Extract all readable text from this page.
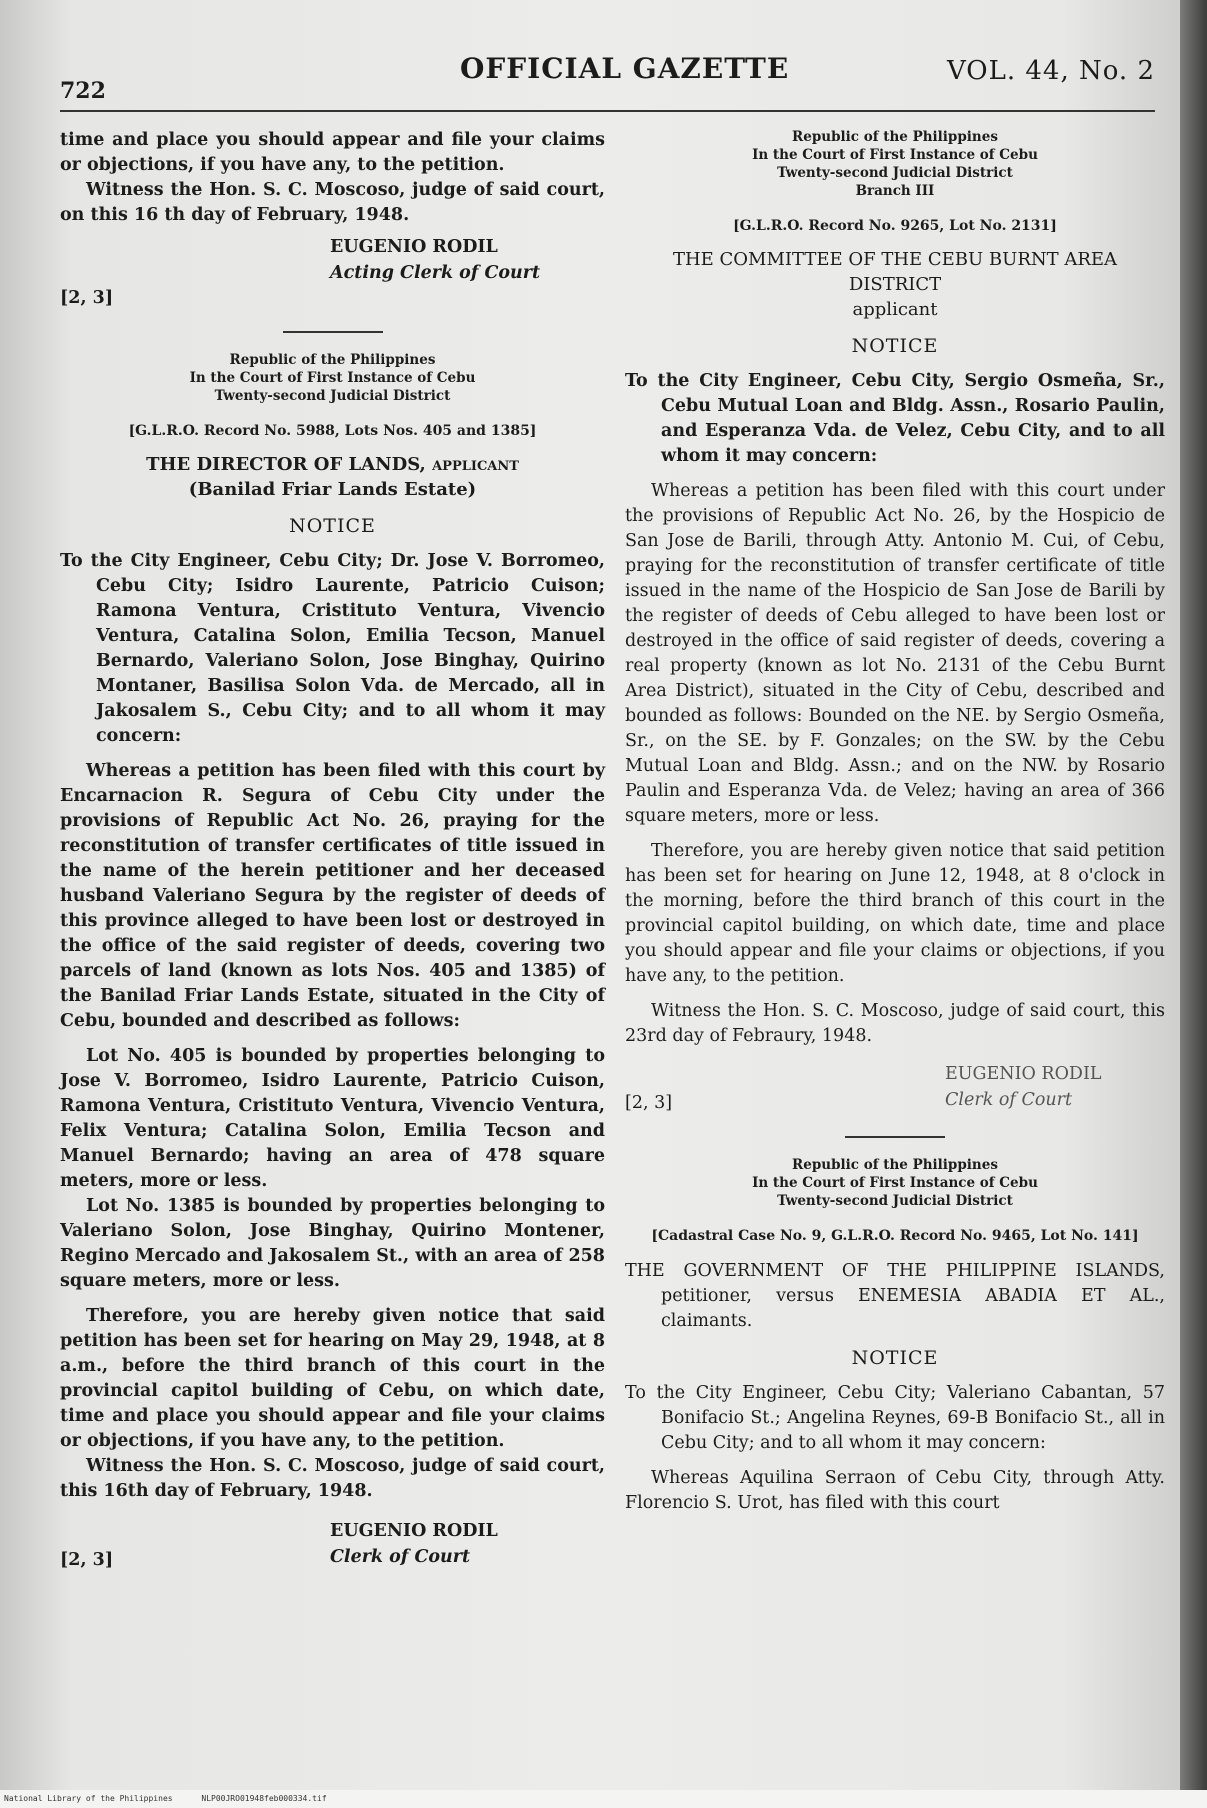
722
OFFICIAL GAZETTE	VOL. 44, No. 2

time and place you should appear and file your claims or objections, if you have any, to the petition.

Witness the Hon. S. C. Moscoso, judge of said court, on this 16 th day of February, 1948.

EUGENIO RODIL
Acting Clerk of Court
[2, 3]
Republic of the Philippines
In the Court of First Instance of Cebu
Twenty-second Judicial District
[G.L.R.O. Record No. 5988, Lots Nos. 405 and 1385]
THE DIRECTOR OF LANDS, applicant
(Banilad Friar Lands Estate)
NOTICE

To the City Engineer, Cebu City; Dr. Jose V. Borromeo, Cebu City; Isidro Laurente, Patricio Cuison; Ramona Ventura, Cristituto Ventura, Vivencio Ventura, Catalina Solon, Emilia Tecson, Manuel Bernardo, Valeriano Solon, Jose Binghay, Quirino Montaner, Basilisa Solon Vda. de Mercado, all in Jakosalem S., Cebu City; and to all whom it may concern:

Whereas a petition has been filed with this court by Encarnacion R. Segura of Cebu City under the provisions of Republic Act No. 26, praying for the reconstitution of transfer certificates of title issued in the name of the herein petitioner and her deceased husband Valeriano Segura by the register of deeds of this province alleged to have been lost or destroyed in the office of the said register of deeds, covering two parcels of land (known as lots Nos. 405 and 1385) of the Banilad Friar Lands Estate, situated in the City of Cebu, bounded and described as follows:

Lot No. 405 is bounded by properties belonging to Jose V. Borromeo, Isidro Laurente, Patricio Cuison, Ramona Ventura, Cristituto Ventura, Vivencio Ventura, Felix Ventura; Catalina Solon, Emilia Tecson and Manuel Bernardo; having an area of 478 square meters, more or less.

Lot No. 1385 is bounded by properties belonging to Valeriano Solon, Jose Binghay, Quirino Montener, Regino Mercado and Jakosalem St., with an area of 258 square meters, more or less.

Therefore, you are hereby given notice that said petition has been set for hearing on May 29, 1948, at 8 a.m., before the third branch of this court in the provincial capitol building of Cebu, on which date, time and place you should appear and file your claims or objections, if you have any, to the petition.

Witness the Hon. S. C. Moscoso, judge of said court, this 16th day of February, 1948.

EUGENIO RODIL
Clerk of Court
[2, 3]
Republic of the Philippines
In the Court of First Instance of Cebu
Twenty-second Judicial District
Branch III
[G.L.R.O. Record No. 9265, Lot No. 2131]
THE COMMITTEE OF THE CEBU BURNT AREA DISTRICT
applicant
NOTICE

To the City Engineer, Cebu City, Sergio Osmeña, Sr., Cebu Mutual Loan and Bldg. Assn., Rosario Paulin, and Esperanza Vda. de Velez, Cebu City, and to all whom it may concern:

Whereas a petition has been filed with this court under the provisions of Republic Act No. 26, by the Hospicio de San Jose de Barili, through Atty. Antonio M. Cui, of Cebu, praying for the reconstitution of transfer certificate of title issued in the name of the Hospicio de San Jose de Barili by the register of deeds of Cebu alleged to have been lost or destroyed in the office of said register of deeds, covering a real property (known as lot No. 2131 of the Cebu Burnt Area District), situated in the City of Cebu, described and bounded as follows: Bounded on the NE. by Sergio Osmeña, Sr., on the SE. by F. Gonzales; on the SW. by the Cebu Mutual Loan and Bldg. Assn.; and on the NW. by Rosario Paulin and Esperanza Vda. de Velez; having an area of 366 square meters, more or less.

Therefore, you are hereby given notice that said petition has been set for hearing on June 12, 1948, at 8 o'clock in the morning, before the third branch of this court in the provincial capitol building, on which date, time and place you should appear and file your claims or objections, if you have any, to the petition.

Witness the Hon. S. C. Moscoso, judge of said court, this 23rd day of Febraury, 1948.

EUGENIO RODIL
Clerk of Court
[2, 3]
Republic of the Philippines
In the Court of First Instance of Cebu
Twenty-second Judicial District
[Cadastral Case No. 9, G.L.R.O. Record No. 9465, Lot No. 141]

THE GOVERNMENT OF THE PHILIPPINE ISLANDS, petitioner, versus ENEMESIA ABADIA ET AL., claimants.

NOTICE

To the City Engineer, Cebu City; Valeriano Cabantan, 57 Bonifacio St.; Angelina Reynes, 69-B Bonifacio St., all in Cebu City; and to all whom it may concern:

Whereas Aquilina Serraon of Cebu City, through Atty. Florencio S. Urot, has filed with this court

National Library of the Philippines	NLP00JRO01948feb000334.tif
